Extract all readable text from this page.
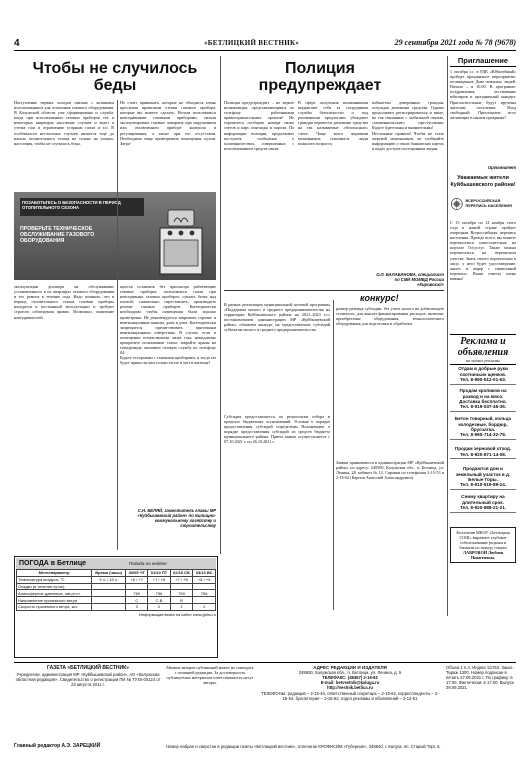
4	«БЕТЛИЦКИЙ ВЕСТНИК»	29 сентября 2021 года № 78 (9678)
Чтобы не случилось беды
Наступление первых холодов связано с активным использованием для отопления газового оборудования. В Калужской области уже сформирована и служба, когда при использовании газовых приборов тех и некоторых квартирах население случаев и ведет к утечке газа и отравлению угарным газом и т.п. В особенности несчастных случаев является еще до начала отопительного сезона не только на улицах, населения, чтобы не случилось беды.
Не стоит привыкать, которые не обходятся очень простыми правилами утечки газового прибора, которые вы можете сделать. Нельзя пользоваться неисправными газовыми приборами, нельзя эксплуатировать газовые аппараты при нарушенном или отключенном приборе контроля и регулирования, а также при его отсутствии. Необходимо чаще проветривать помещения, кухни. Затра-
ПОЗАБОТЬТЕСЬ О БЕЗОПАСНОСТИ В ПЕРИОД ОТОПИТЕЛЬНОГО СЕЗОНА
ПРОВЕРЬТЕ ТЕХНИЧЕСКОЕ ОБСЛУЖИВАНИЕ ГАЗОВОГО ОБОРУДОВАНИЯ
эксплуатации договора на обслуживание установленного в их квартирах газового оборудования и его ремонт в течение года. Надо помнить, что в период отопительного сезона газовые приборы находятся в постоянной эксплуатации и требуют строгого соблюдения правил. Возможно, появление неисправностей.
щается оставлять без присмотра работающие газовые приборы; пользоваться газом при неисправных газовых приборах; сушить белье над плитой; самовольно переставлять, производить ремонт газовых приборов. Категорически необходимо чтобы помещения были хорошо проветрены. Не рекомендуется закрывать сорочке и вентиляционные каналы, даже в доме. Категорически запрещается препятствовать приточным вентиляционным отверстиям. В случае, если в помещении почувствовали запах газа, немедленно прекратите пользование газом, закройте краны на газопроводе, вызовите газовую службу по телефону 04.
Будьте осторожны с газовыми приборами, и тогда газ будет принести вам только тепло и уют в жилище!
С.Н. БЕЛЯЙ, заместитель главы МР «Куйбышевский район» по жилищно-коммунальному хозяйству и строительству
ПОГОДА в Бетлице	Погода на неделе
Метеопараметр	Время (часы)	30/09 ЧТ	01/10 ПТ	02/10 СБ	03/10 ВС
Температура воздуха, °C	9 ч. / 15 ч.	+6 / +7	+7 / +6	+7 / +8	+5 / +9
Осадки (в течение суток)					
Атмосферное давление, мм рт.ст.		750	756	759	756
Направление приземного ветра		С	С-В	В	
Скорость приземного ветра, м/с		3	2	2	2
Информация взята на сайте www.gidro.ru
Полиция предупреждает
Полиция предупреждает – не верьте незнакомцам, представляющимся по телефону работниками правоохранительных органов! Не торопитесь сообщать номера своих счетов и карт, пин-коды и пароли. По информации полиции, продолжают поступать сообщения о мошенничествах, совершенных с использованием средств связи.
В сфере получения мошенниками выдвигают себя за сотрудников службы безопасности и под различными предлогами убеждают граждан перевести денежные средства на так называемые «безопасные» счета. Чаще всего жертвами мошенников становятся люди пожилого возраста.
кабинетам доверенных граждан, отчуждая денежные средства. Однако продолжают регистрироваться и иные, не так связанные с мобильной связью, «мошеннические» преступления. Будьте бдительны и внимательны!
Несложные правила! Чтобы не стать жертвой мошенников, не сообщайте информацию о своих банковских картах и кодах доступа посторонним лицам.
О.Л. БАЛАБАНОВА, специалист по СМИ МОМВД России «Кировский»
конкурс!
В рамках реализации муниципальной целевой программы «Поддержка малого и среднего предпринимательства на территории Куйбышевского района на 2021–2023 гг.» постановлением администрации МР «Куйбышевский район» объявлен конкурс на предоставление субсидий субъектам малого и среднего предпринимательства.
Субсидия предоставляется по результатам отбора в пределах бюджетных ассигнований. Условия о порядке предоставления субсидий определены Положением о порядке предоставления субсидий из средств бюджета муниципального района. Прием заявок осуществляется с 07.10.2021 г. по 26.10.2021 г.
размер размера субсидии, без учета налога на добавленную стоимость, для выплат финансирования расходов, включая: приобретение оборудования, технологического оборудования для подготовки и обработки.
Заявки принимаются в администрации МР «Куйбышевский район» по адресу: 249500, Калужская обл., п. Бетлица, ул. Ленина, 28, кабинет № 12. Справки по телефонам 2-15-53 и 2-15-62 (Карпов Анатолий Александрович).
Приглашение
1 октября с.г. в РДК «Юбилейный» пройдет праздничное мероприятие, посвященное Дню пожилых людей. Начало – в 10.00. В программе: поздравления, чествование юбиляров и праздничный концерт. Пригласительные будут вручены жителям поселения. Вход свободный. Приглашаем всех желающих в нашем празднике!
Оргкомитет
Уважаемые жители Куйбышевского района!
ВСЕРОССИЙСКАЯ ПЕРЕПИСЬ НАСЕЛЕНИЯ
С 15 октября по 14 ноября этого года в нашей стране пройдет очередная Всероссийская перепись населения. Прежде всего, вы можете переписаться самостоятельно на портале Госуслуг. Также можно переписаться на переписном участке. Знать своего переписчика в лицо: у него будет удостоверение, жилет и шарф с символикой переписи. Ваши ответы очень важны!
Реклама и объявления
на правах рекламы
Отдам в добрые руки охотничьих щенков.
Тел. 8-980-512-01-63.
Продам кроликов на развод и на мясо. Доставка бесплатно.
Тел. 8-919-037-45-36.
Бетон товарный, кольца колодезные, бордюр, брусчатка.
Тел. 8-980-714-32-79.
Продам зерновой отход.
Тел. 8-920-871-14-08.
Продаются дом и земельный участок в д. Белые Горы.
Тел. 8-910-519-89-24.
Сниму квартиру на длительный срок.
Тел. 8-920-886-21-21.
Коллектив МКОУ «Бетлицкая СОШ» выражает глубокое соболезнование родным и близким по поводу смерти
ЛАВРОВОЙ Любови Никитичны.
ГАЗЕТА «БЕТЛИЦКИЙ ВЕСТНИК»
Учредители: администрация МР «Куйбышевский район», АО «Калужская областная редакция». Свидетельство о регистрации ПИ № ТУ40-00124 от 22 августа 2011 г.
Мнение авторов публикаций может не совпадать с позицией редакции. За достоверность публикуемых материалов ответственность несут авторы.
АДРЕС РЕДАКЦИИ И ИЗДАТЕЛЯ
249500, Калужская обл., п. Бетлица, ул. Ленина, д. 5
ТЕЛЕФАКС: (48457) 2-15-62
E-mail: betvestnik@kaluga.ru
http://vestnik.betlica.ru
ТЕЛЕФОНЫ: редакция – 2-15-44, ответственный секретарь – 2-15-62, корреспонденты – 2-15-54, бухгалтерия – 2-15-62, отдел рекламы и объявлений – 2-13-51
Объем 1 п.л. Индекс 51753. Заказ . Тираж 1300. Номер подписан в печать 27.09.2021 г. По графику: в 17.00. Фактически: в 17.00. Выпуск 29.09.2021
Главный редактор А.Э. ЗАРЕЦКИЙ	Номер набран и сверстан в редакции газеты «Бетлицкий вестник», отпечатан КРОФИСИМ «Губерния», 248640, г. Калуга, пл. Старый Торг, 5.
